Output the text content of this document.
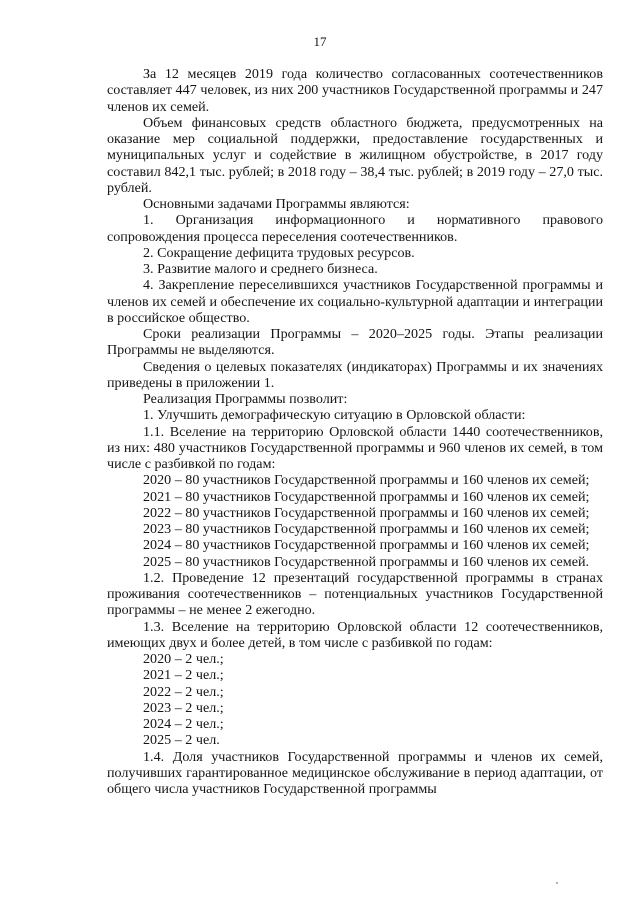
17

За 12 месяцев 2019 года количество согласованных соотечественников составляет 447 человек, из них 200 участников Государственной программы и 247 членов их семей.

Объем финансовых средств областного бюджета, предусмотренных на оказание мер социальной поддержки, предоставление государственных и муниципальных услуг и содействие в жилищном обустройстве, в 2017 году составил 842,1 тыс. рублей; в 2018 году – 38,4 тыс. рублей; в 2019 году – 27,0 тыс. рублей.

Основными задачами Программы являются:

1. Организация информационного и нормативного правового сопровождения процесса переселения соотечественников.

2. Сокращение дефицита трудовых ресурсов.

3. Развитие малого и среднего бизнеса.

4. Закрепление переселившихся участников Государственной программы и членов их семей и обеспечение их социально-культурной адаптации и интеграции в российское общество.

Сроки реализации Программы – 2020–2025 годы. Этапы реализации Программы не выделяются.

Сведения о целевых показателях (индикаторах) Программы и их значениях приведены в приложении 1.

Реализация Программы позволит:

1. Улучшить демографическую ситуацию в Орловской области:

1.1. Вселение на территорию Орловской области 1440 соотечественников, из них: 480 участников Государственной программы и 960 членов их семей, в том числе с разбивкой по годам:

2020 – 80 участников Государственной программы и 160 членов их семей;

2021 – 80 участников Государственной программы и 160 членов их семей;

2022 – 80 участников Государственной программы и 160 членов их семей;

2023 – 80 участников Государственной программы и 160 членов их семей;

2024 – 80 участников Государственной программы и 160 членов их семей;

2025 – 80 участников Государственной программы и 160 членов их семей.

1.2. Проведение 12 презентаций государственной программы в странах проживания соотечественников – потенциальных участников Государственной программы – не менее 2 ежегодно.

1.3. Вселение на территорию Орловской области 12 соотечественников, имеющих двух и более детей, в том числе с разбивкой по годам:

2020 – 2 чел.;

2021 – 2 чел.;

2022 – 2 чел.;

2023 – 2 чел.;

2024 – 2 чел.;

2025 – 2 чел.

1.4. Доля участников Государственной программы и членов их семей, получивших гарантированное медицинское обслуживание в период адаптации, от общего числа участников Государственной программы
